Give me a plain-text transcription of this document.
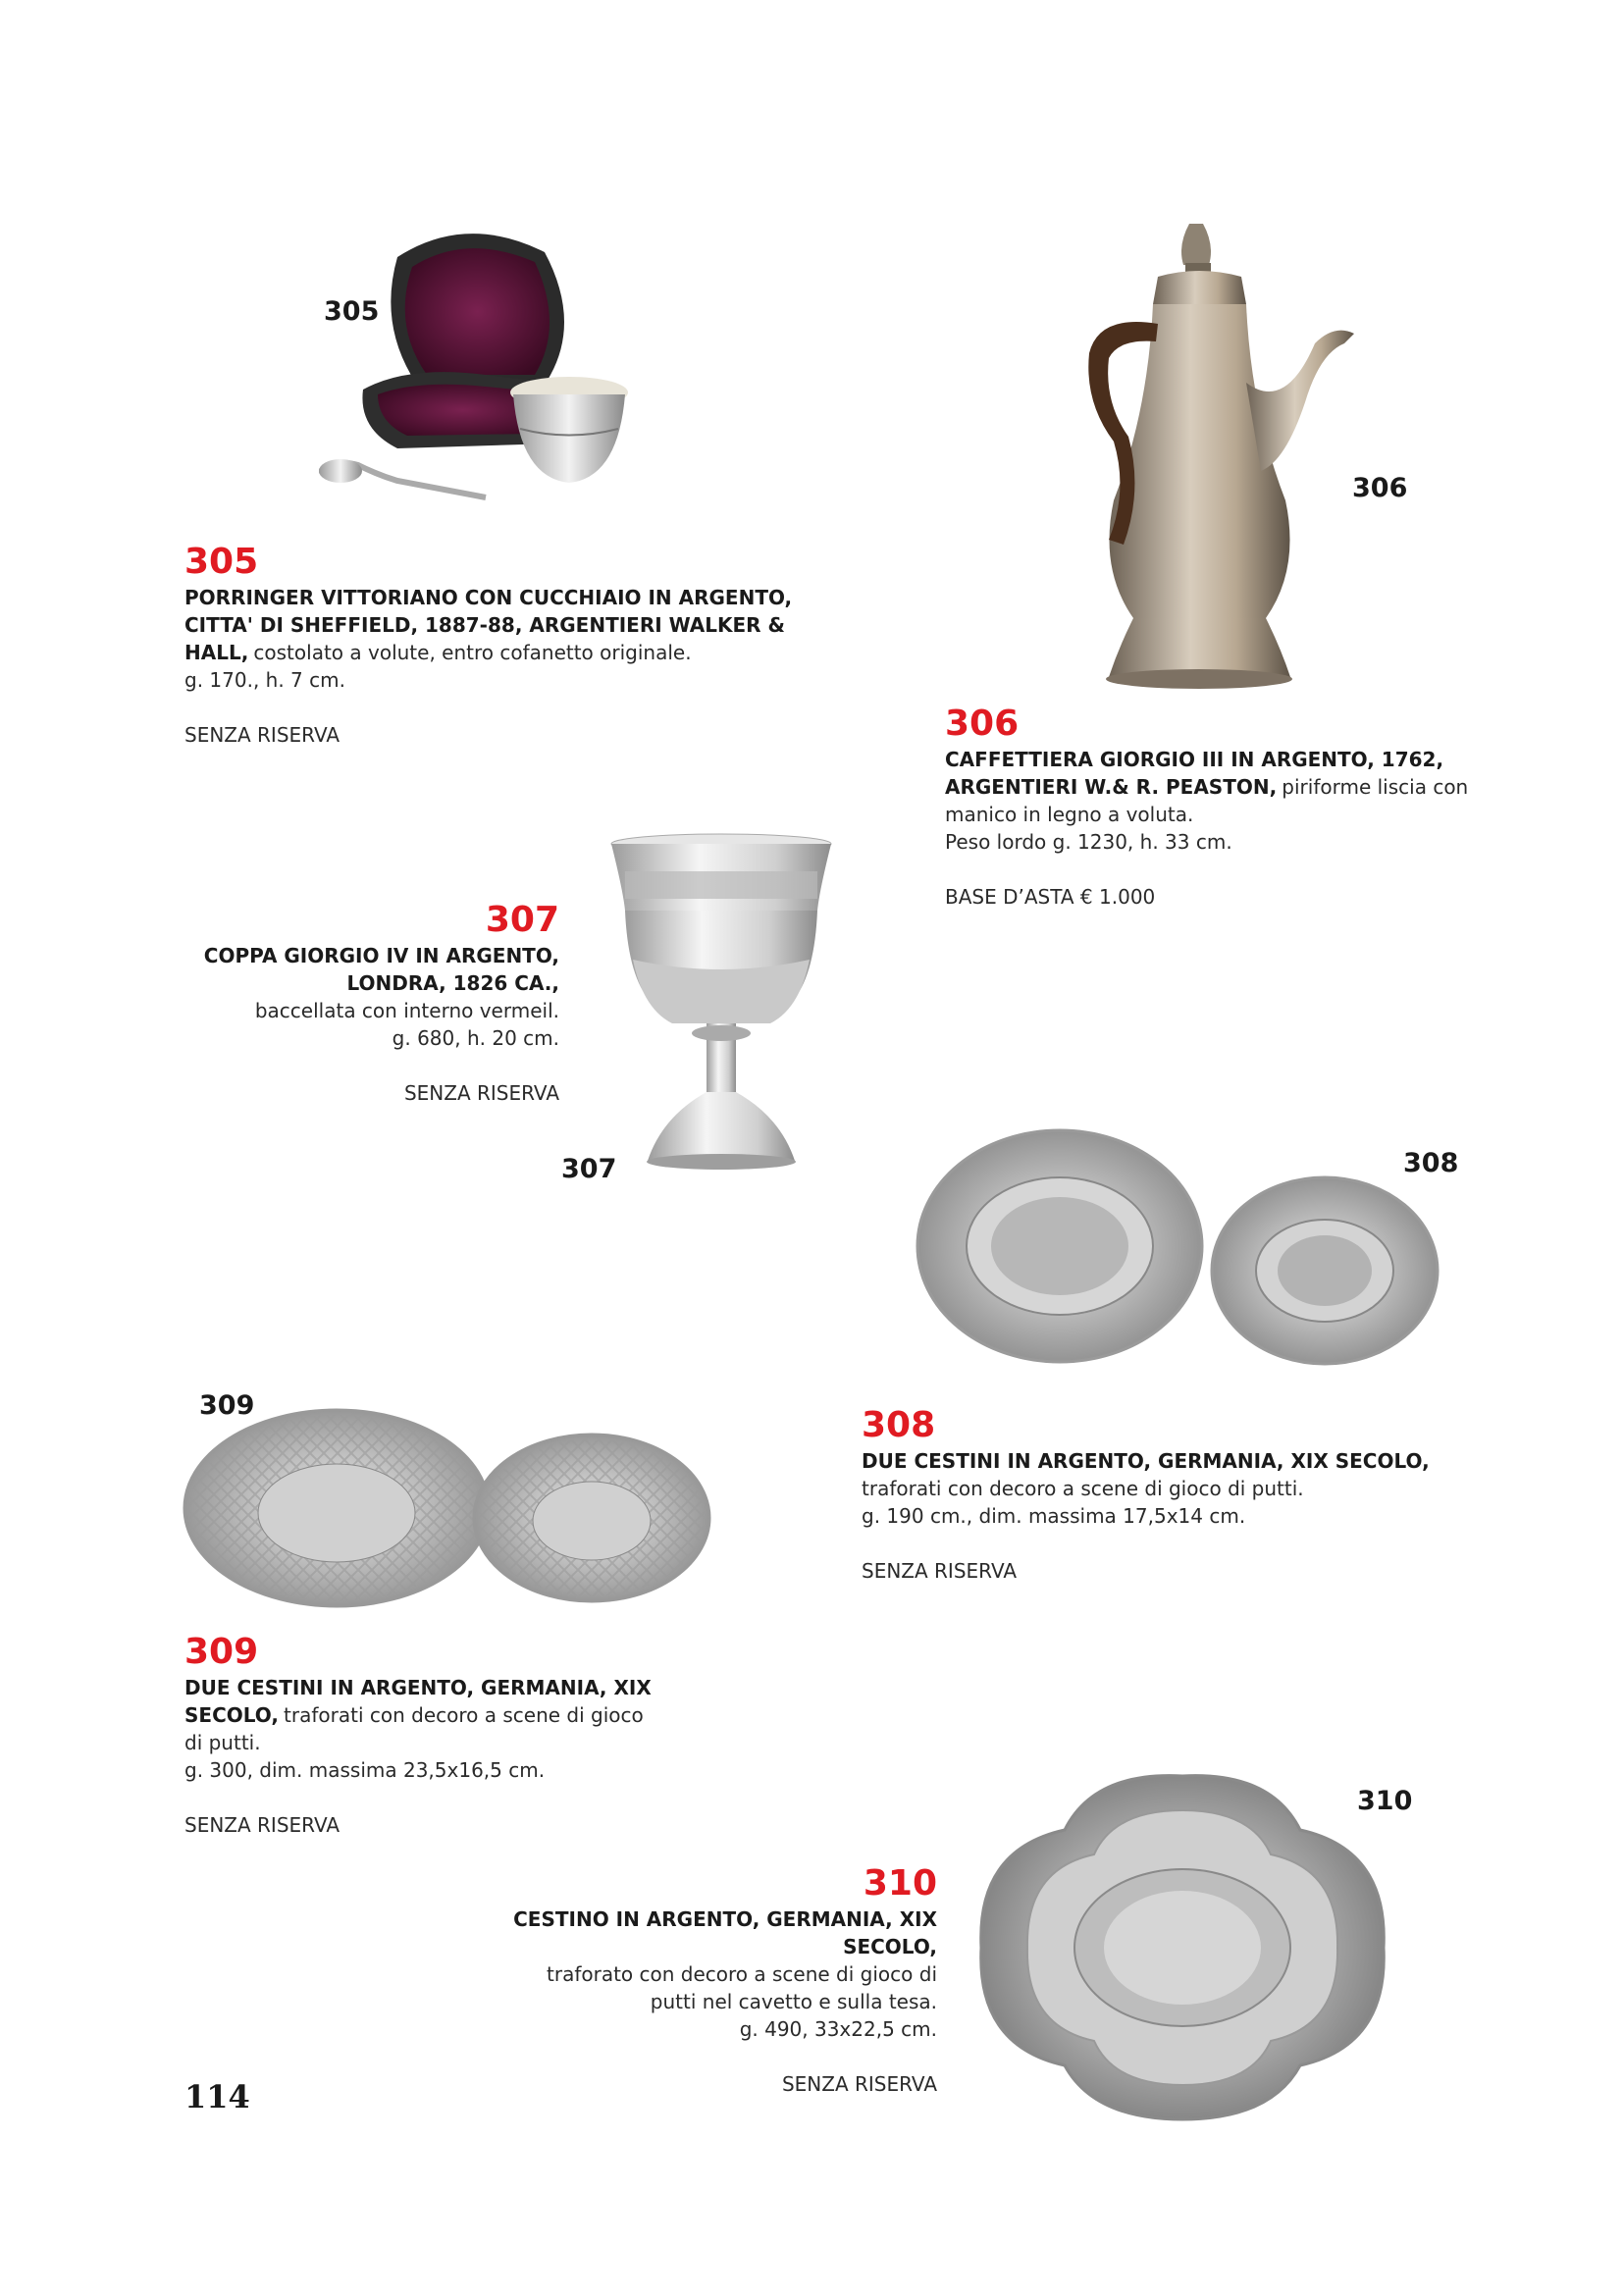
305
305
PORRINGER VITTORIANO CON CUCCHIAIO IN ARGENTO, CITTA' DI SHEFFIELD, 1887-88, ARGENTIERI WALKER & HALL, costolato a volute, entro cofanetto originale.
g. 170., h. 7 cm.
SENZA RISERVA
306
306
CAFFETTIERA GIORGIO III IN ARGENTO, 1762, ARGENTIERI W.& R. PEASTON, piriforme liscia con manico in legno a voluta.
Peso lordo g. 1230, h. 33 cm.
BASE D’ASTA € 1.000
307
COPPA GIORGIO IV IN ARGENTO,
LONDRA, 1826 CA.,
baccellata con interno vermeil.
g. 680, h. 20 cm.
SENZA RISERVA
307	308
308
DUE CESTINI IN ARGENTO, GERMANIA, XIX SECOLO,
traforati con decoro a scene di gioco di putti.
g. 190 cm., dim. massima 17,5x14 cm.
SENZA RISERVA
309
309
DUE CESTINI IN ARGENTO, GERMANIA, XIX SECOLO, traforati con decoro a scene di gioco di putti.
g. 300, dim. massima 23,5x16,5 cm.
SENZA RISERVA
310
310
CESTINO IN ARGENTO, GERMANIA, XIX
SECOLO,
traforato con decoro a scene di gioco di
putti nel cavetto e sulla tesa.
g. 490, 33x22,5 cm.
SENZA RISERVA
114
